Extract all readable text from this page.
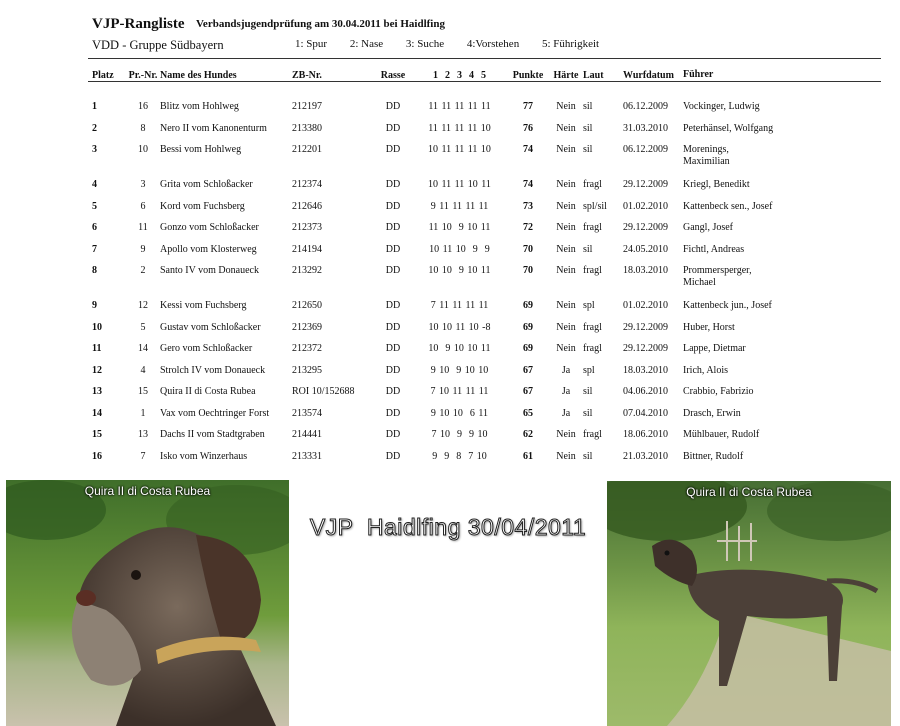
VJP-Rangliste Verbandsjugendprüfung am 30.04.2011 bei Haidlfing
VDD - Gruppe Südbayern	1: Spur 2: Nase 3: Suche 4:Vorstehen 5: Führigkeit
Platz	Pr.-Nr.	Name des Hundes	ZB-Nr.	Rasse	1  2  3  4  5	Punkte	Härte	Laut	Wurfdatum	Führer

1	16	Blitz vom Hohlweg	212197	DD	11 11 11 11 11	77	Nein	sil	06.12.2009	Vockinger, Ludwig

2	8	Nero II vom Kanonenturm	213380	DD	11 11 11 11 10	76	Nein	sil	31.03.2010	Peterhänsel, Wolfgang

3	10	Bessi vom Hohlweg	212201	DD	10 11 11 11 10	74	Nein	sil	06.12.2009	Morenings,
Maximilian

4	3	Grita vom Schloßacker	212374	DD	10 11 11 10 11	74	Nein	fragl	29.12.2009	Kriegl, Benedikt

5	6	Kord vom Fuchsberg	212646	DD	9 11 11 11 11	73	Nein	spl/sil	01.02.2010	Kattenbeck sen., Josef

6	11	Gonzo vom Schloßacker	212373	DD	11 10  9 10 11	72	Nein	fragl	29.12.2009	Gangl, Josef

7	9	Apollo vom Klosterweg	214194	DD	10 11 10  9  9	70	Nein	sil	24.05.2010	Fichtl, Andreas

8	2	Santo IV vom Donaueck	213292	DD	10 10  9 10 11	70	Nein	fragl	18.03.2010	Prommersperger,
Michael

9	12	Kessi vom Fuchsberg	212650	DD	7 11 11 11 11	69	Nein	spl	01.02.2010	Kattenbeck jun., Josef

10	5	Gustav vom Schloßacker	212369	DD	10 10 11 10 -8	69	Nein	fragl	29.12.2009	Huber, Horst

11	14	Gero vom Schloßacker	212372	DD	10  9 10 10 11	69	Nein	fragl	29.12.2009	Lappe, Dietmar

12	4	Strolch IV vom Donaueck	213295	DD	9 10  9 10 10	67	Ja	spl	18.03.2010	Irich, Alois

13	15	Quira II di Costa Rubea	ROI 10/152688	DD	7 10 11 11 11	67	Ja	sil	04.06.2010	Crabbio, Fabrizio

14	1	Vax vom Oechtringer Forst	213574	DD	9 10 10  6 11	65	Ja	sil	07.04.2010	Drasch, Erwin

15	13	Dachs II vom Stadtgraben	214441	DD	7 10  9  9 10	62	Nein	fragl	18.06.2010	Mühlbauer, Rudolf

16	7	Isko vom Winzerhaus	213331	DD	9  9  8  7 10	61	Nein	sil	21.03.2010	Bittner, Rudolf
Quira II di Costa Rubea
VJP  Haidlfing 30/04/2011
Quira II di Costa Rubea
